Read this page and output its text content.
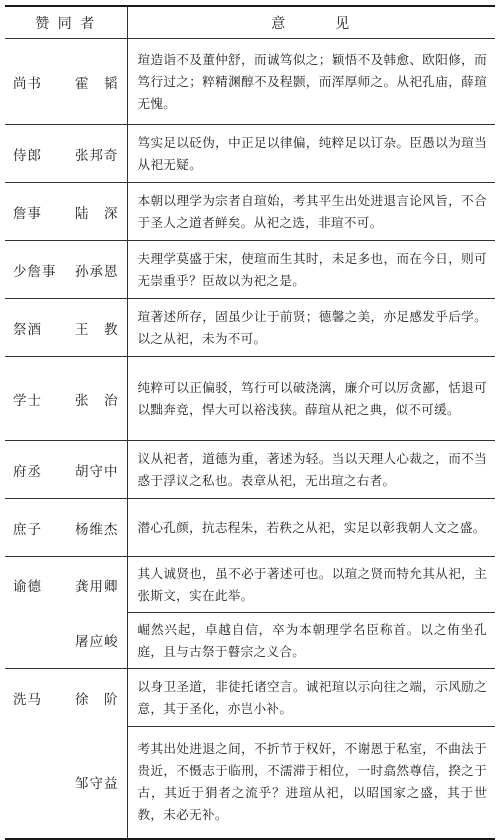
赞 同 者	意 见

尚书 霍　韬	瑄造诣不及董仲舒，而诚笃似之；颖悟不及韩愈、欧阳修，而笃行过之；粹精渊醇不及程颢，而浑厚师之。从祀孔庙，薛瑄无愧。

侍郎 张邦奇	笃实足以砭伪，中正足以律偏，纯粹足以订杂。臣愚以为瑄当从祀无疑。

詹事 陆　深	本朝以理学为宗者自瑄始，考其平生出处进退言论风旨，不合于圣人之道者鲜矣。从祀之选，非瑄不可。

少詹事 孙承恩	夫理学莫盛于宋，使瑄而生其时，未足多也，而在今日，则可无崇重乎？臣故以为祀之是。

祭酒 王　教	瑄著述所存，固虽少让于前贤；德馨之美，亦足感发乎后学。以之从祀，未为不可。

学士 张　治	纯粹可以正偏驳，笃行可以破浇漓，廉介可以厉贪鄙，恬退可以黜奔竞，悍大可以裕浅狭。薛瑄从祀之典，似不可缓。

府丞 胡守中	议从祀者，道德为重，著述为轻。当以天理人心裁之，而不当惑于浮议之私也。表章从祀，无出瑄之右者。

庶子 杨维杰	潜心孔颜，抗志程朱，若秩之从祀，实足以彰我朝人文之盛。

谕德 龚用卿	其人诚贤也，虽不必于著述可也。以瑄之贤而特允其从祀，主张斯文，实在此举。

屠应峻	崛然兴起，卓越自信，卒为本朝理学名臣称首。以之侑坐孔庭，且与古祭于瞽宗之义合。

洗马 徐　阶	以身卫圣道，非徒托诸空言。诚祀瑄以示向往之端，示风励之意，其于圣化，亦岂小补。

邹守益	考其出处进退之间，不折节于权奸，不谢恩于私室，不曲法于贵近，不慑志于临刑，不濡滞于相位，一时翕然尊信，揆之于古，其近于狷者之流乎？进瑄从祀，以昭国家之盛，其于世教，未必无补。
